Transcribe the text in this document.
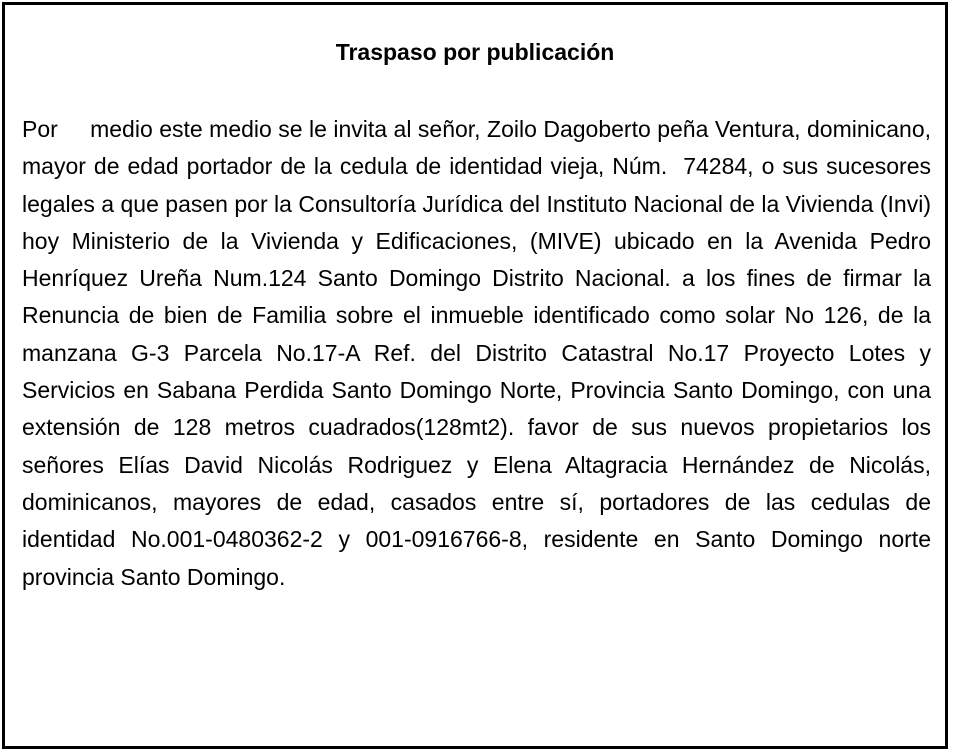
Traspaso por publicación

Por     medio este medio se le invita al señor, Zoilo Dagoberto peña Ventura, dominicano, mayor de edad portador de la cedula de identidad vieja, Núm.  74284, o sus sucesores legales a que pasen por la Consultoría Jurídica del Instituto Nacional de la Vivienda (Invi) hoy Ministerio de la Vivienda y Edificaciones, (MIVE) ubicado en la Avenida Pedro Henríquez Ureña Num.124 Santo Domingo Distrito Nacional. a los fines de firmar la Renuncia de bien de Familia sobre el inmueble identificado como solar No 126, de la manzana G-3 Parcela No.17-A Ref. del Distrito Catastral No.17 Proyecto Lotes y Servicios en Sabana Perdida Santo Domingo Norte, Provincia Santo Domingo, con una extensión de 128 metros cuadrados(128mt2). favor de sus nuevos propietarios los señores Elías David Nicolás Rodriguez y Elena Altagracia Hernández de Nicolás, dominicanos, mayores de edad, casados entre sí, portadores de las cedulas de identidad No.001-0480362-2 y 001-0916766-8, residente en Santo Domingo norte provincia Santo Domingo.
